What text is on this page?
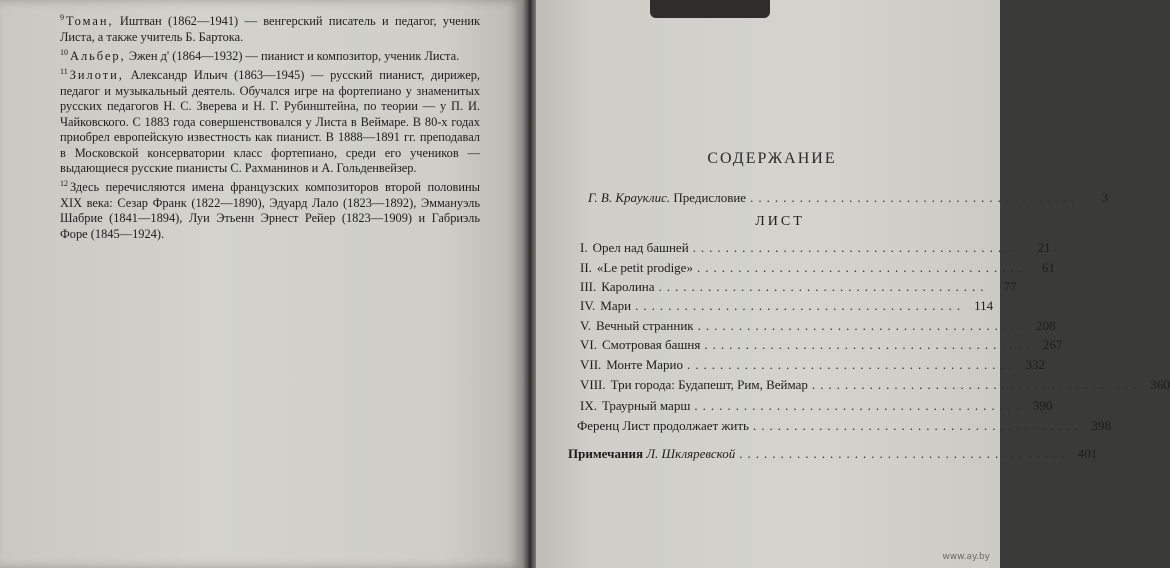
$^9$ Томан, Иштван (1862—1941) — венгерский писатель и педагог, ученик Листа, а также учитель Б. Бартока.

$^{10}$ Альбер, Эжен д' (1864—1932) — пианист и композитор, ученик Листа.

$^{11}$ Зилоти, Александр Ильич (1863—1945) — русский пианист, дирижер, педагог и музыкальный деятель. Обучался игре на фортепиано у знаменитых русских педагогов Н. С. Зверева и Н. Г. Рубинштейна, по теории — у П. И. Чайковского. С 1883 года совершенствовался у Листа в Веймаре. В 80-х годах приобрел европейскую известность как пианист. В 1888—1891 гг. преподавал в Московской консерватории класс фортепиано, среди его учеников — выдающиеся русские пианисты С. Рахманинов и А. Гольденвейзер.

$^{12}$ Здесь перечисляются имена французских композиторов второй половины XIX века: Сезар Франк (1822—1890), Эдуард Лало (1823—1892), Эммануэль Шабрие (1841—1894), Луи Этьенн Эрнест Рейер (1823—1909) и Габриэль Форе (1845—1924).

СОДЕРЖАНИЕ
Г. В. Крауклис. Предисловие ........................................	3
ЛИСТ
I. Орел над башней ........................................	21
II. «Le petit prodige» ........................................	61
III. Каролина ........................................	77
IV. Мари ........................................ 114
V. Вечный странник ........................................ 208
VI. Смотровая башня ........................................ 267
VII. Монте Марио ........................................ 332
VIII. Три города: Будапешт, Рим, Веймар ........................................ 360
IX. Траурный марш ........................................ 390
Ференц Лист продолжает жить ........................................ 398
Примечания Л. Шкляревской ........................................ 401
www.ay.by
